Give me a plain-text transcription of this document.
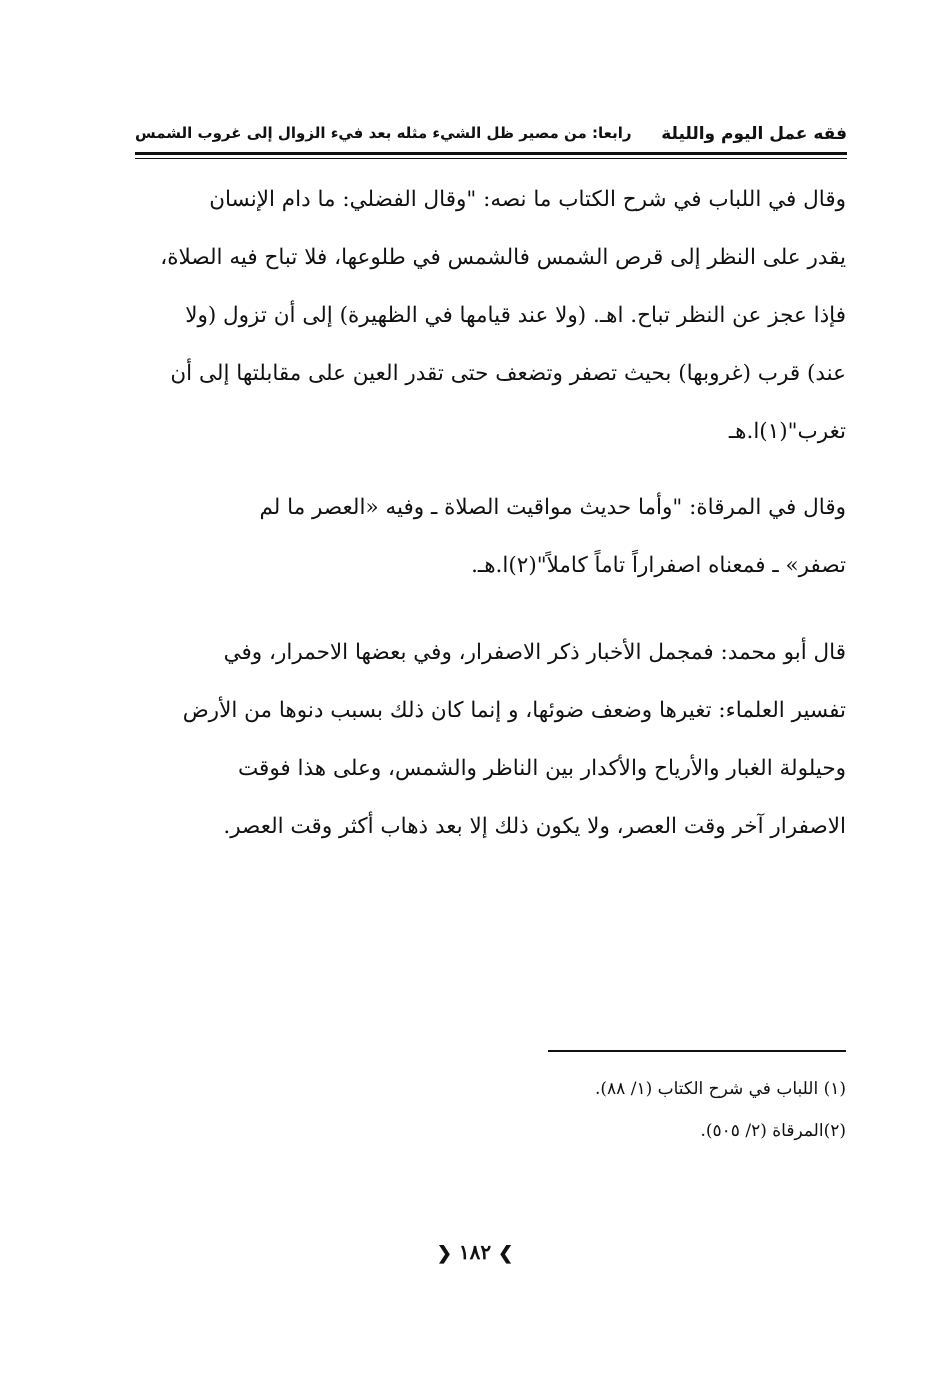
فقه عمل اليوم والليلة
رابعا: من مصير ظل الشيء مثله بعد فيء الزوال إلى غروب الشمس

وقال في اللباب في شرح الكتاب ما نصه: "وقال الفضلي: ما دام الإنسان

يقدر على النظر إلى قرص الشمس فالشمس في طلوعها، فلا تباح فيه الصلاة،

فإذا عجز عن النظر تباح. اهـ. (ولا عند قيامها في الظهيرة) إلى أن تزول (ولا

عند) قرب (غروبها) بحيث تصفر وتضعف حتى تقدر العين على مقابلتها إلى أن

تغرب"(١)ا.هـ

وقال في المرقاة: "وأما حديث مواقيت الصلاة ـ وفيه «العصر ما لم

تصفر» ـ فمعناه اصفراراً تاماً كاملاً"(٢)ا.هـ.

قال أبو محمد: فمجمل الأخبار ذكر الاصفرار، وفي بعضها الاحمرار، وفي

تفسير العلماء: تغيرها وضعف ضوئها، و إنما كان ذلك بسبب دنوها من الأرض

وحيلولة الغبار والأرياح والأكدار بين الناظر والشمس، وعلى هذا فوقت

الاصفرار آخر وقت العصر، ولا يكون ذلك إلا بعد ذهاب أكثر وقت العصر.

(١) اللباب في شرح الكتاب (١/ ٨٨).
(٢)المرقاة (٢/ ٥٠٥).
❯ ١٨٢ ❮
